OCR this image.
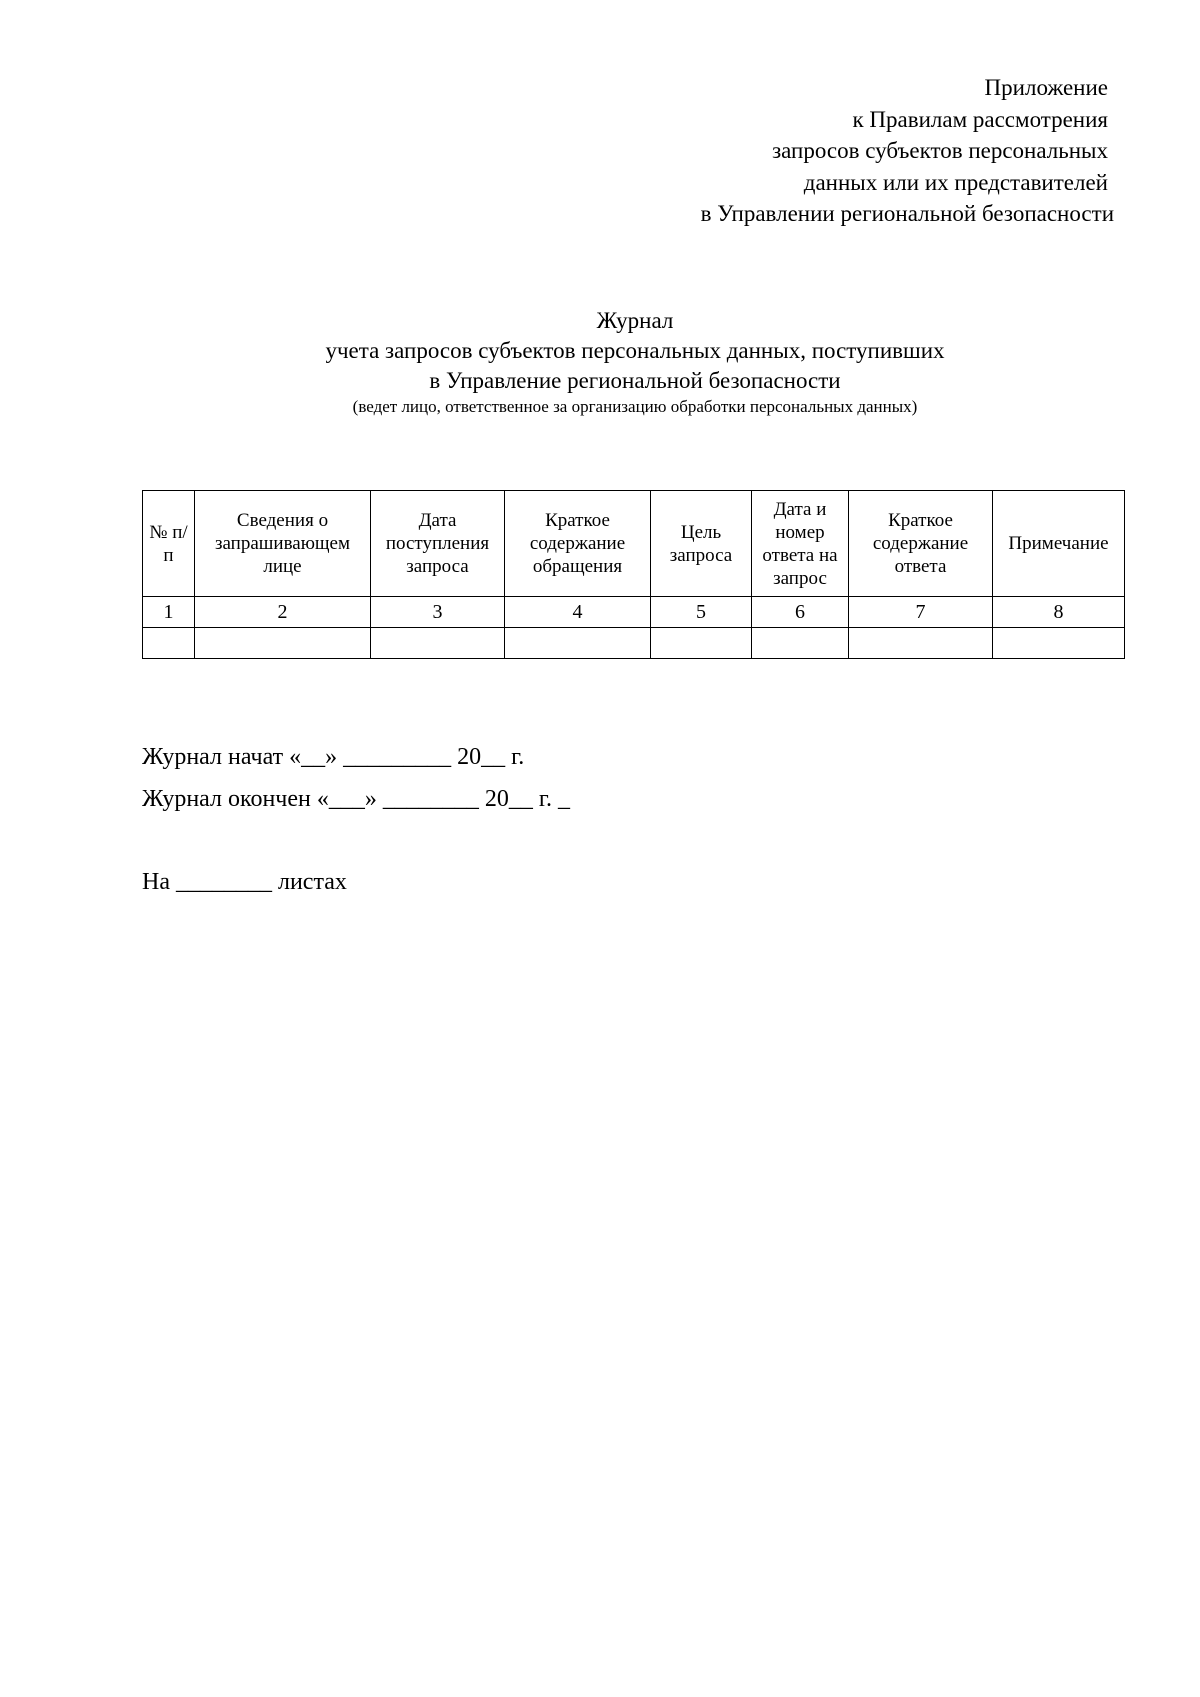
Приложение
к Правилам рассмотрения
запросов субъектов персональных
данных или их представителей
в Управлении региональной безопасности
Журнал
учета запросов субъектов персональных данных, поступивших
в Управление региональной безопасности
(ведет лицо, ответственное за организацию обработки персональных данных)
№ п/п	Сведения о запрашивающем лице	Дата поступления запроса	Краткое содержание обращения	Цель запроса	Дата и номер ответа на запрос	Краткое содержание ответа	Примечание
1	2	3	4	5	6	7	8

Журнал начат «__» _________ 20__ г.
Журнал окончен «___» ________ 20__ г. _
На ________ листах
